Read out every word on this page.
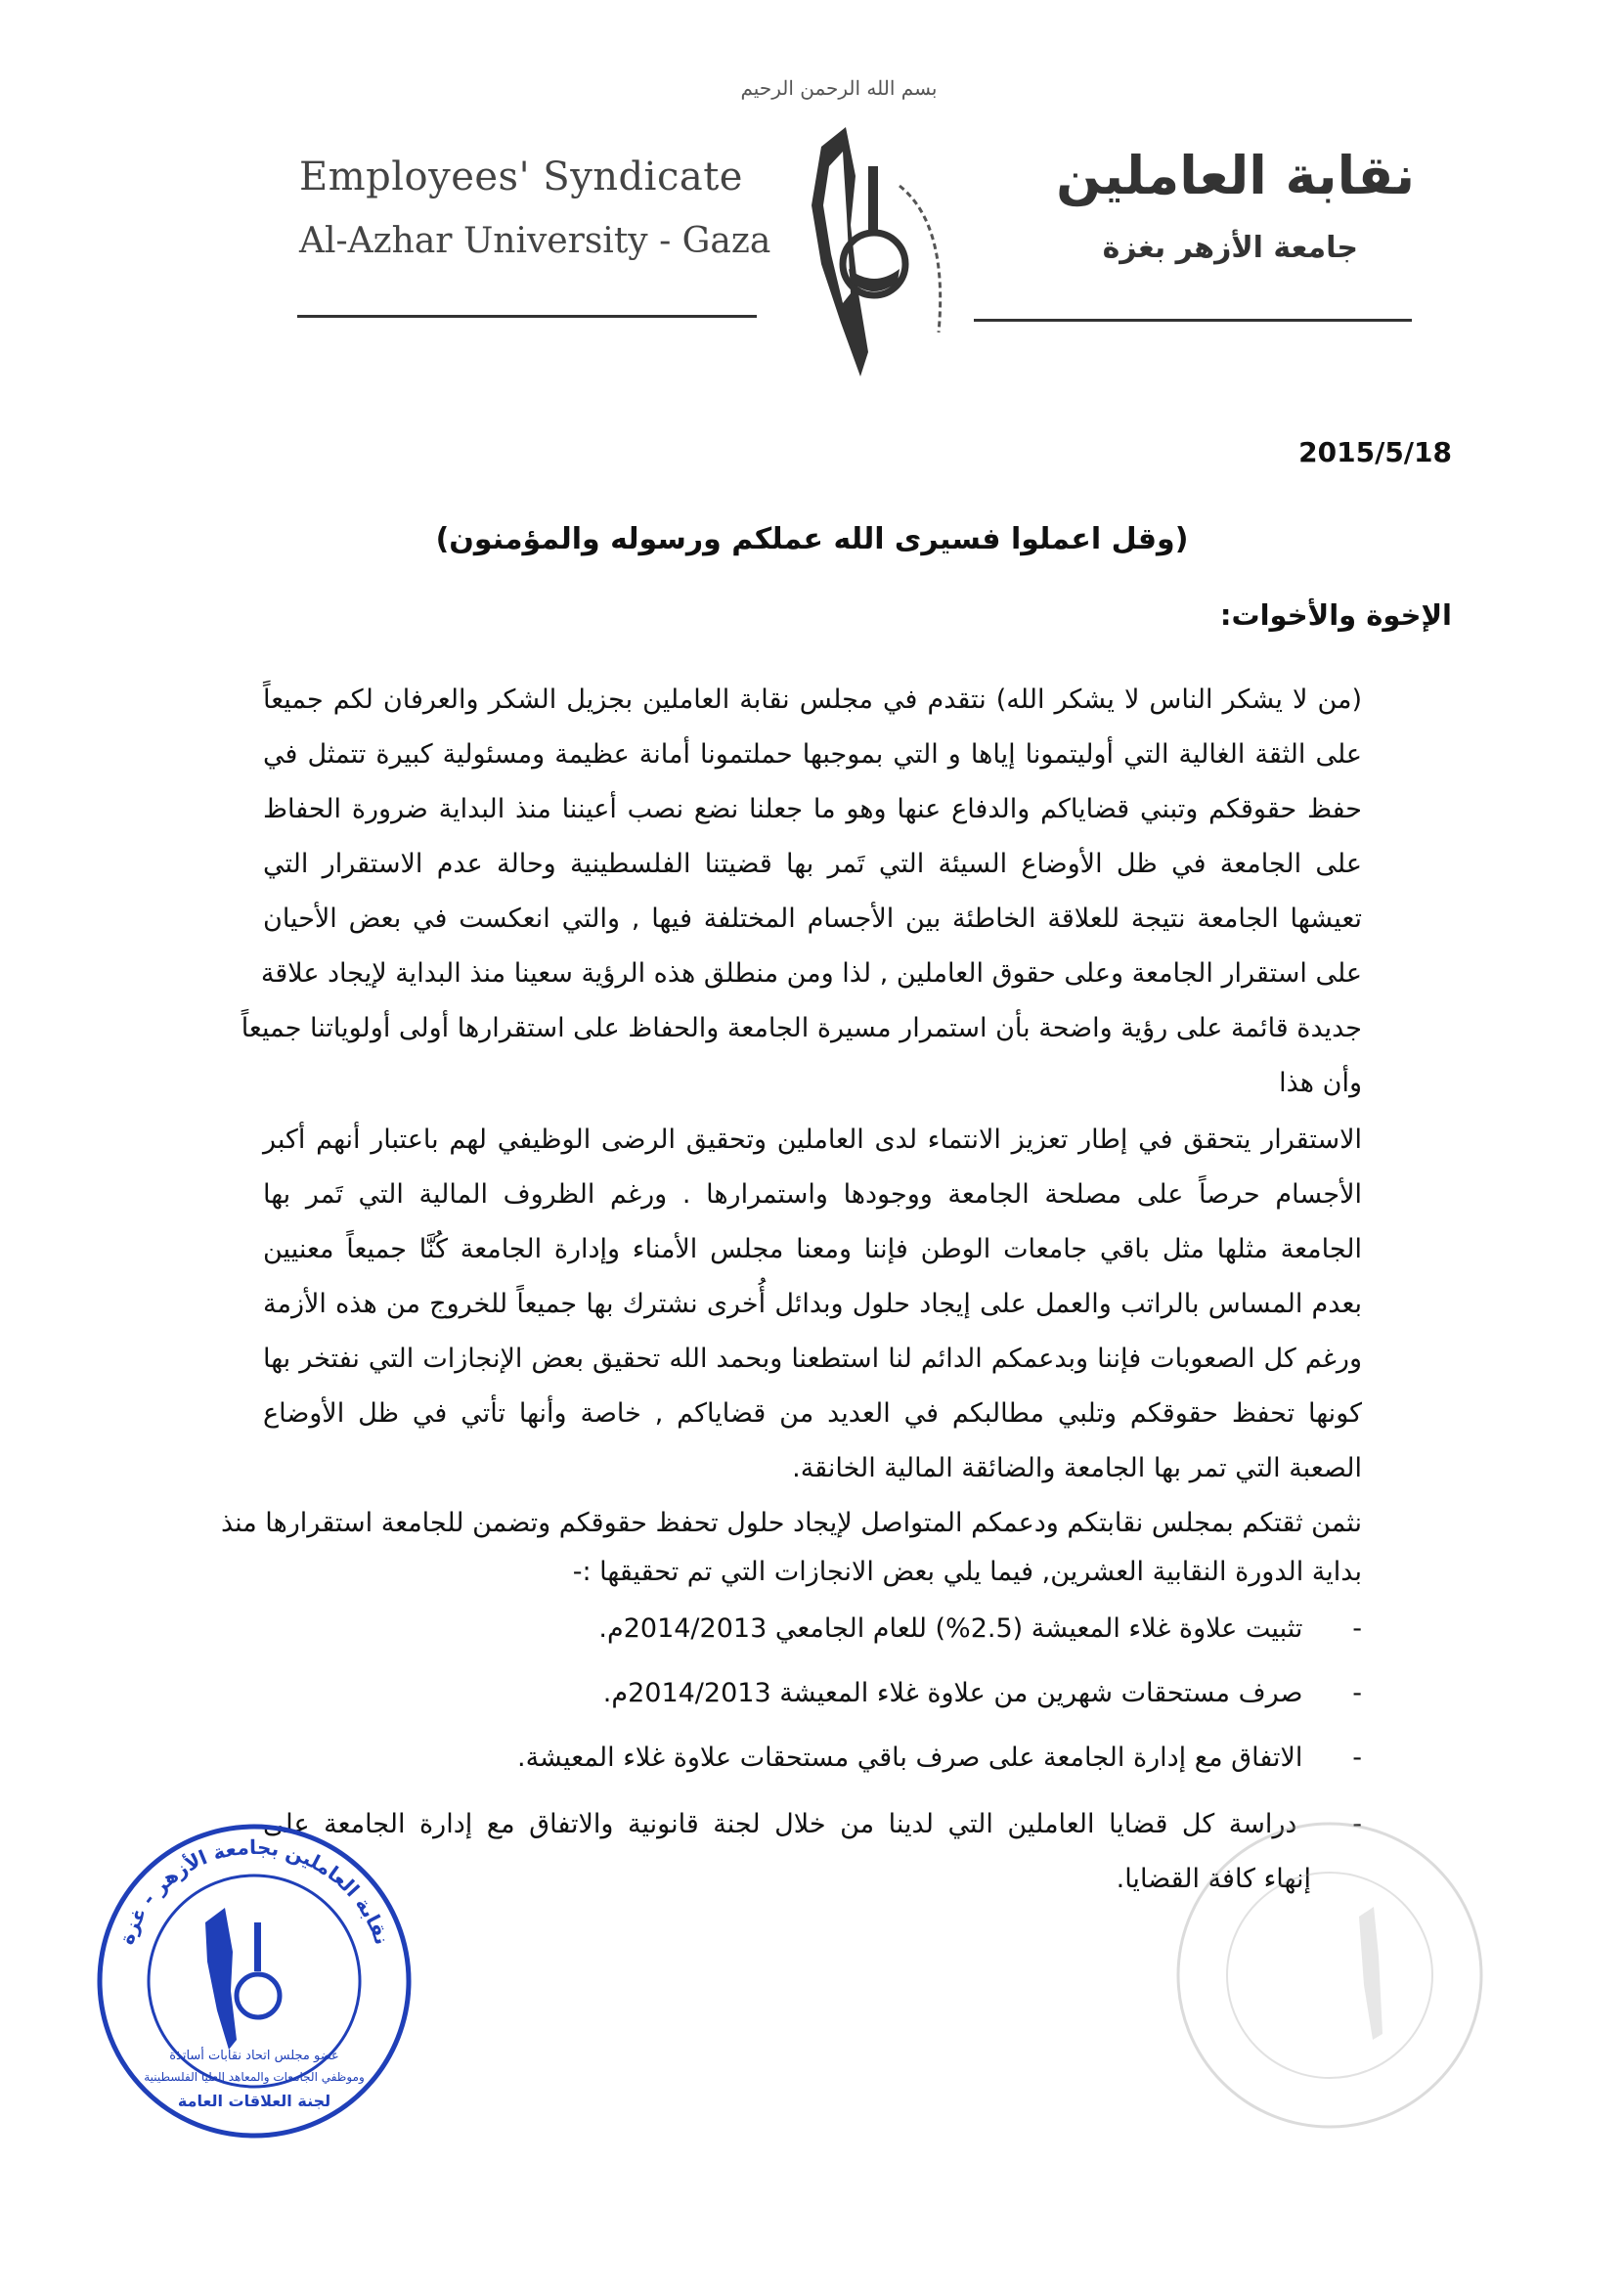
بسم الله الرحمن الرحيم
Employees' Syndicate
Al-Azhar University - Gaza
نقابة العاملين
جامعة الأزهر بغزة
2015/5/18
(وقل اعملوا فسيرى الله عملكم ورسوله والمؤمنون)
الإخوة والأخوات:
(من لا يشكر الناس لا يشكر الله) نتقدم في مجلس نقابة العاملين بجزيل الشكر والعرفان لكم جميعاً
على الثقة الغالية التي أوليتمونا إياها و التي بموجبها حملتمونا أمانة عظيمة ومسئولية كبيرة تتمثل في
حفظ حقوقكم وتبني قضاياكم والدفاع عنها وهو ما جعلنا نضع نصب أعيننا منذ البداية ضرورة الحفاظ
على الجامعة في ظل الأوضاع السيئة التي تَمر بها قضيتنا الفلسطينية وحالة عدم الاستقرار التي
تعيشها الجامعة نتيجة للعلاقة الخاطئة بين الأجسام المختلفة فيها , والتي انعكست في بعض الأحيان
على استقرار الجامعة وعلى حقوق العاملين , لذا ومن منطلق هذه الرؤية سعينا منذ البداية لإيجاد علاقة
جديدة قائمة على رؤية واضحة بأن استمرار مسيرة الجامعة والحفاظ على استقرارها أولى أولوياتنا جميعاً
وأن هذا
الاستقرار يتحقق في إطار تعزيز الانتماء لدى العاملين وتحقيق الرضى الوظيفي لهم باعتبار أنهم أكبر
الأجسام حرصاً على مصلحة الجامعة ووجودها واستمرارها . ورغم الظروف المالية التي تَمر بها
الجامعة مثلها مثل باقي جامعات الوطن فإننا ومعنا مجلس الأمناء وإدارة الجامعة كُنَّا جميعاً معنيين
بعدم المساس بالراتب والعمل على إيجاد حلول وبدائل أُخرى نشترك بها جميعاً للخروج من هذه الأزمة
ورغم كل الصعوبات فإننا وبدعمكم الدائم لنا استطعنا وبحمد الله تحقيق بعض الإنجازات التي نفتخر بها
كونها تحفظ حقوقكم وتلبي مطالبكم في العديد من قضاياكم , خاصة وأنها تأتي في ظل الأوضاع
الصعبة التي تمر بها الجامعة والضائقة المالية الخانقة.
نثمن ثقتكم بمجلس نقابتكم ودعمكم المتواصل لإيجاد حلول تحفظ حقوقكم وتضمن للجامعة استقرارها منذ
بداية الدورة النقابية العشرين, فيما يلي بعض الانجازات التي تم تحقيقها :-
- تثبيت علاوة غلاء المعيشة (2.5%) للعام الجامعي 2014/2013م.
- صرف مستحقات شهرين من علاوة غلاء المعيشة 2014/2013م.
- الاتفاق مع إدارة الجامعة على صرف باقي مستحقات علاوة غلاء المعيشة.
- دراسة كل قضايا العاملين التي لدينا من خلال لجنة قانونية والاتفاق مع إدارة الجامعة على
إنهاء كافة القضايا.
نقابة العاملين بجامعة الأزهر - غزة
عضو مجلس اتحاد نقابات أساتذة
وموظفي الجامعات والمعاهد العليا الفلسطينية
لجنة العلاقات العامة
